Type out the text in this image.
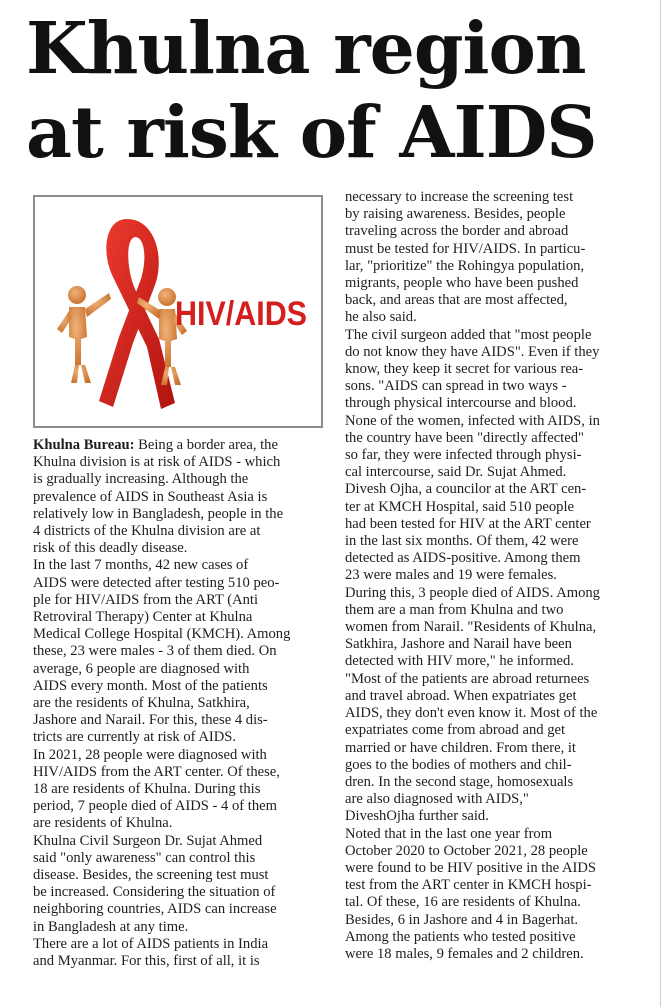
Khulna region
at risk of AIDS
HIV/AIDS

Khulna Bureau: Being a border area, the
Khulna division is at risk of AIDS - which
is gradually increasing. Although the
prevalence of AIDS in Southeast Asia is
relatively low in Bangladesh, people in the
4 districts of the Khulna division are at
risk of this deadly disease.

In the last 7 months, 42 new cases of
AIDS were detected after testing 510 peo-
ple for HIV/AIDS from the ART (Anti
Retroviral Therapy) Center at Khulna
Medical College Hospital (KMCH). Among
these, 23 were males - 3 of them died. On
average, 6 people are diagnosed with
AIDS every month. Most of the patients
are the residents of Khulna, Satkhira,
Jashore and Narail. For this, these 4 dis-
tricts are currently at risk of AIDS.

In 2021, 28 people were diagnosed with
HIV/AIDS from the ART center. Of these,
18 are residents of Khulna. During this
period, 7 people died of AIDS - 4 of them
are residents of Khulna.

Khulna Civil Surgeon Dr. Sujat Ahmed
said "only awareness" can control this
disease. Besides, the screening test must
be increased. Considering the situation of
neighboring countries, AIDS can increase
in Bangladesh at any time.

There are a lot of AIDS patients in India
and Myanmar. For this, first of all, it is

necessary to increase the screening test
by raising awareness. Besides, people
traveling across the border and abroad
must be tested for HIV/AIDS. In particu-
lar, "prioritize" the Rohingya population,
migrants, people who have been pushed
back, and areas that are most affected,
he also said.

The civil surgeon added that "most people
do not know they have AIDS". Even if they
know, they keep it secret for various rea-
sons. "AIDS can spread in two ways -
through physical intercourse and blood.
None of the women, infected with AIDS, in
the country have been "directly affected"
so far, they were infected through physi-
cal intercourse, said Dr. Sujat Ahmed.

Divesh Ojha, a councilor at the ART cen-
ter at KMCH Hospital, said 510 people
had been tested for HIV at the ART center
in the last six months. Of them, 42 were
detected as AIDS-positive. Among them
23 were males and 19 were females.
During this, 3 people died of AIDS. Among
them are a man from Khulna and two
women from Narail. "Residents of Khulna,
Satkhira, Jashore and Narail have been
detected with HIV more," he informed.

"Most of the patients are abroad returnees
and travel abroad. When expatriates get
AIDS, they don't even know it. Most of the
expatriates come from abroad and get
married or have children. From there, it
goes to the bodies of mothers and chil-
dren. In the second stage, homosexuals
are also diagnosed with AIDS,"
DiveshOjha further said.

Noted that in the last one year from
October 2020 to October 2021, 28 people
were found to be HIV positive in the AIDS
test from the ART center in KMCH hospi-
tal. Of these, 16 are residents of Khulna.
Besides, 6 in Jashore and 4 in Bagerhat.
Among the patients who tested positive
were 18 males, 9 females and 2 children.
